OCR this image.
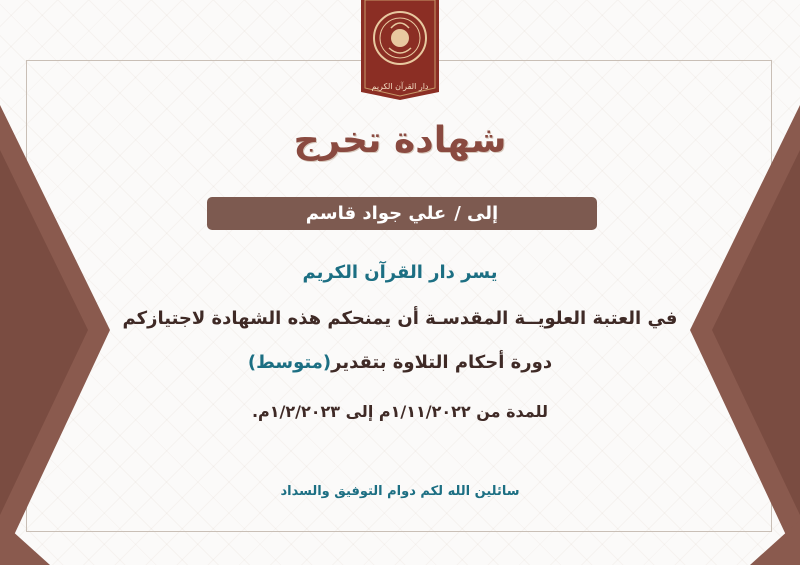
دار القرآن الكريم
شهادة تخرج
إلى /
علي جواد قاسم
يسر دار القرآن الكريم
في العتبة العلويــة المقدسـة أن يمنحكم هذه الشهادة لاجتيازكم
دورة أحكام التلاوة بتقدير(متوسط)
للمدة من ١/١١/٢٠٢٢م إلى ١/٢/٢٠٢٣م.
سائلين الله لكم دوام التوفيق والسداد
